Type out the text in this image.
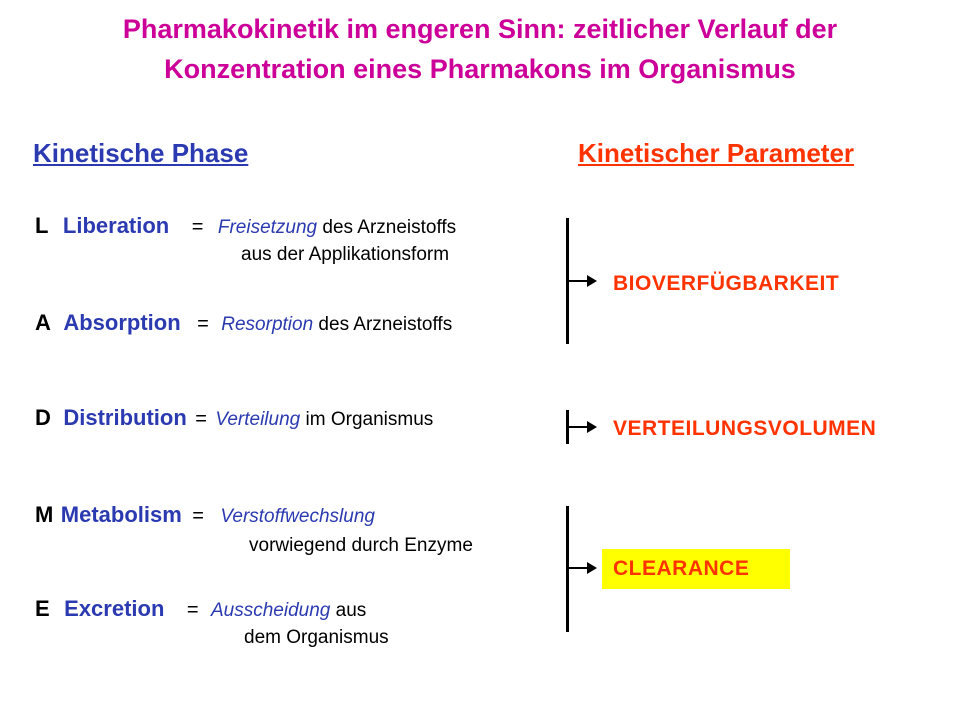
Pharmakokinetik im engeren Sinn: zeitlicher Verlauf der
Konzentration eines Pharmakons im Organismus
Kinetische Phase	Kinetischer Parameter
L Liberation = Freisetzung des Arzneistoffs
aus der Applikationsform
A Absorption = Resorption des Arzneistoffs
D Distribution = Verteilung im Organismus
M Metabolism = Verstoffwechslung
vorwiegend durch Enzyme
E Excretion = Ausscheidung aus
dem Organismus
BIOVERFÜGBARKEIT
VERTEILUNGSVOLUMEN
CLEARANCE
